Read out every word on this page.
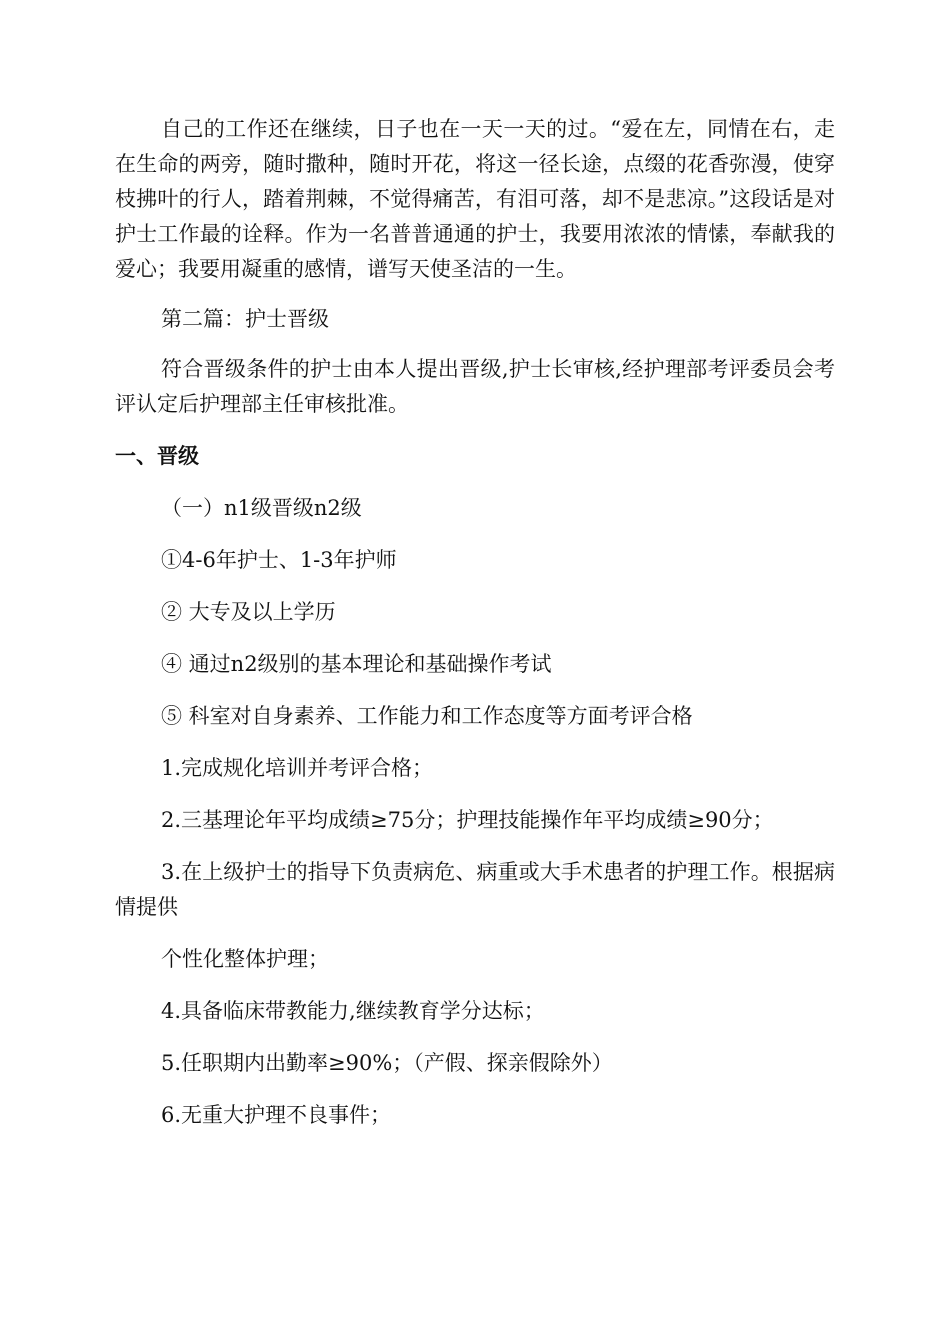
自己的工作还在继续，日子也在一天一天的过。“爱在左，同情在右，走在生命的两旁，随时撒种，随时开花，将这一径长途，点缀的花香弥漫，使穿枝拂叶的行人，踏着荆棘，不觉得痛苦，有泪可落，却不是悲凉。”这段话是对护士工作最的诠释。作为一名普普通通的护士，我要用浓浓的情愫，奉献我的爱心；我要用凝重的感情，谱写天使圣洁的一生。

第二篇：护士晋级

符合晋级条件的护士由本人提出晋级,护士长审核,经护理部考评委员会考评认定后护理部主任审核批准。

一、晋级

（一）n1级晋级n2级

①4-6年护士、1-3年护师

② 大专及以上学历

④ 通过n2级别的基本理论和基础操作考试

⑤ 科室对自身素养、工作能力和工作态度等方面考评合格

1.完成规化培训并考评合格；

2.三基理论年平均成绩≥75分；护理技能操作年平均成绩≥90分；

3.在上级护士的指导下负责病危、病重或大手术患者的护理工作。根据病情提供

个性化整体护理；

4.具备临床带教能力,继续教育学分达标；

5.任职期内出勤率≥90%；（产假、探亲假除外）

6.无重大护理不良事件；
